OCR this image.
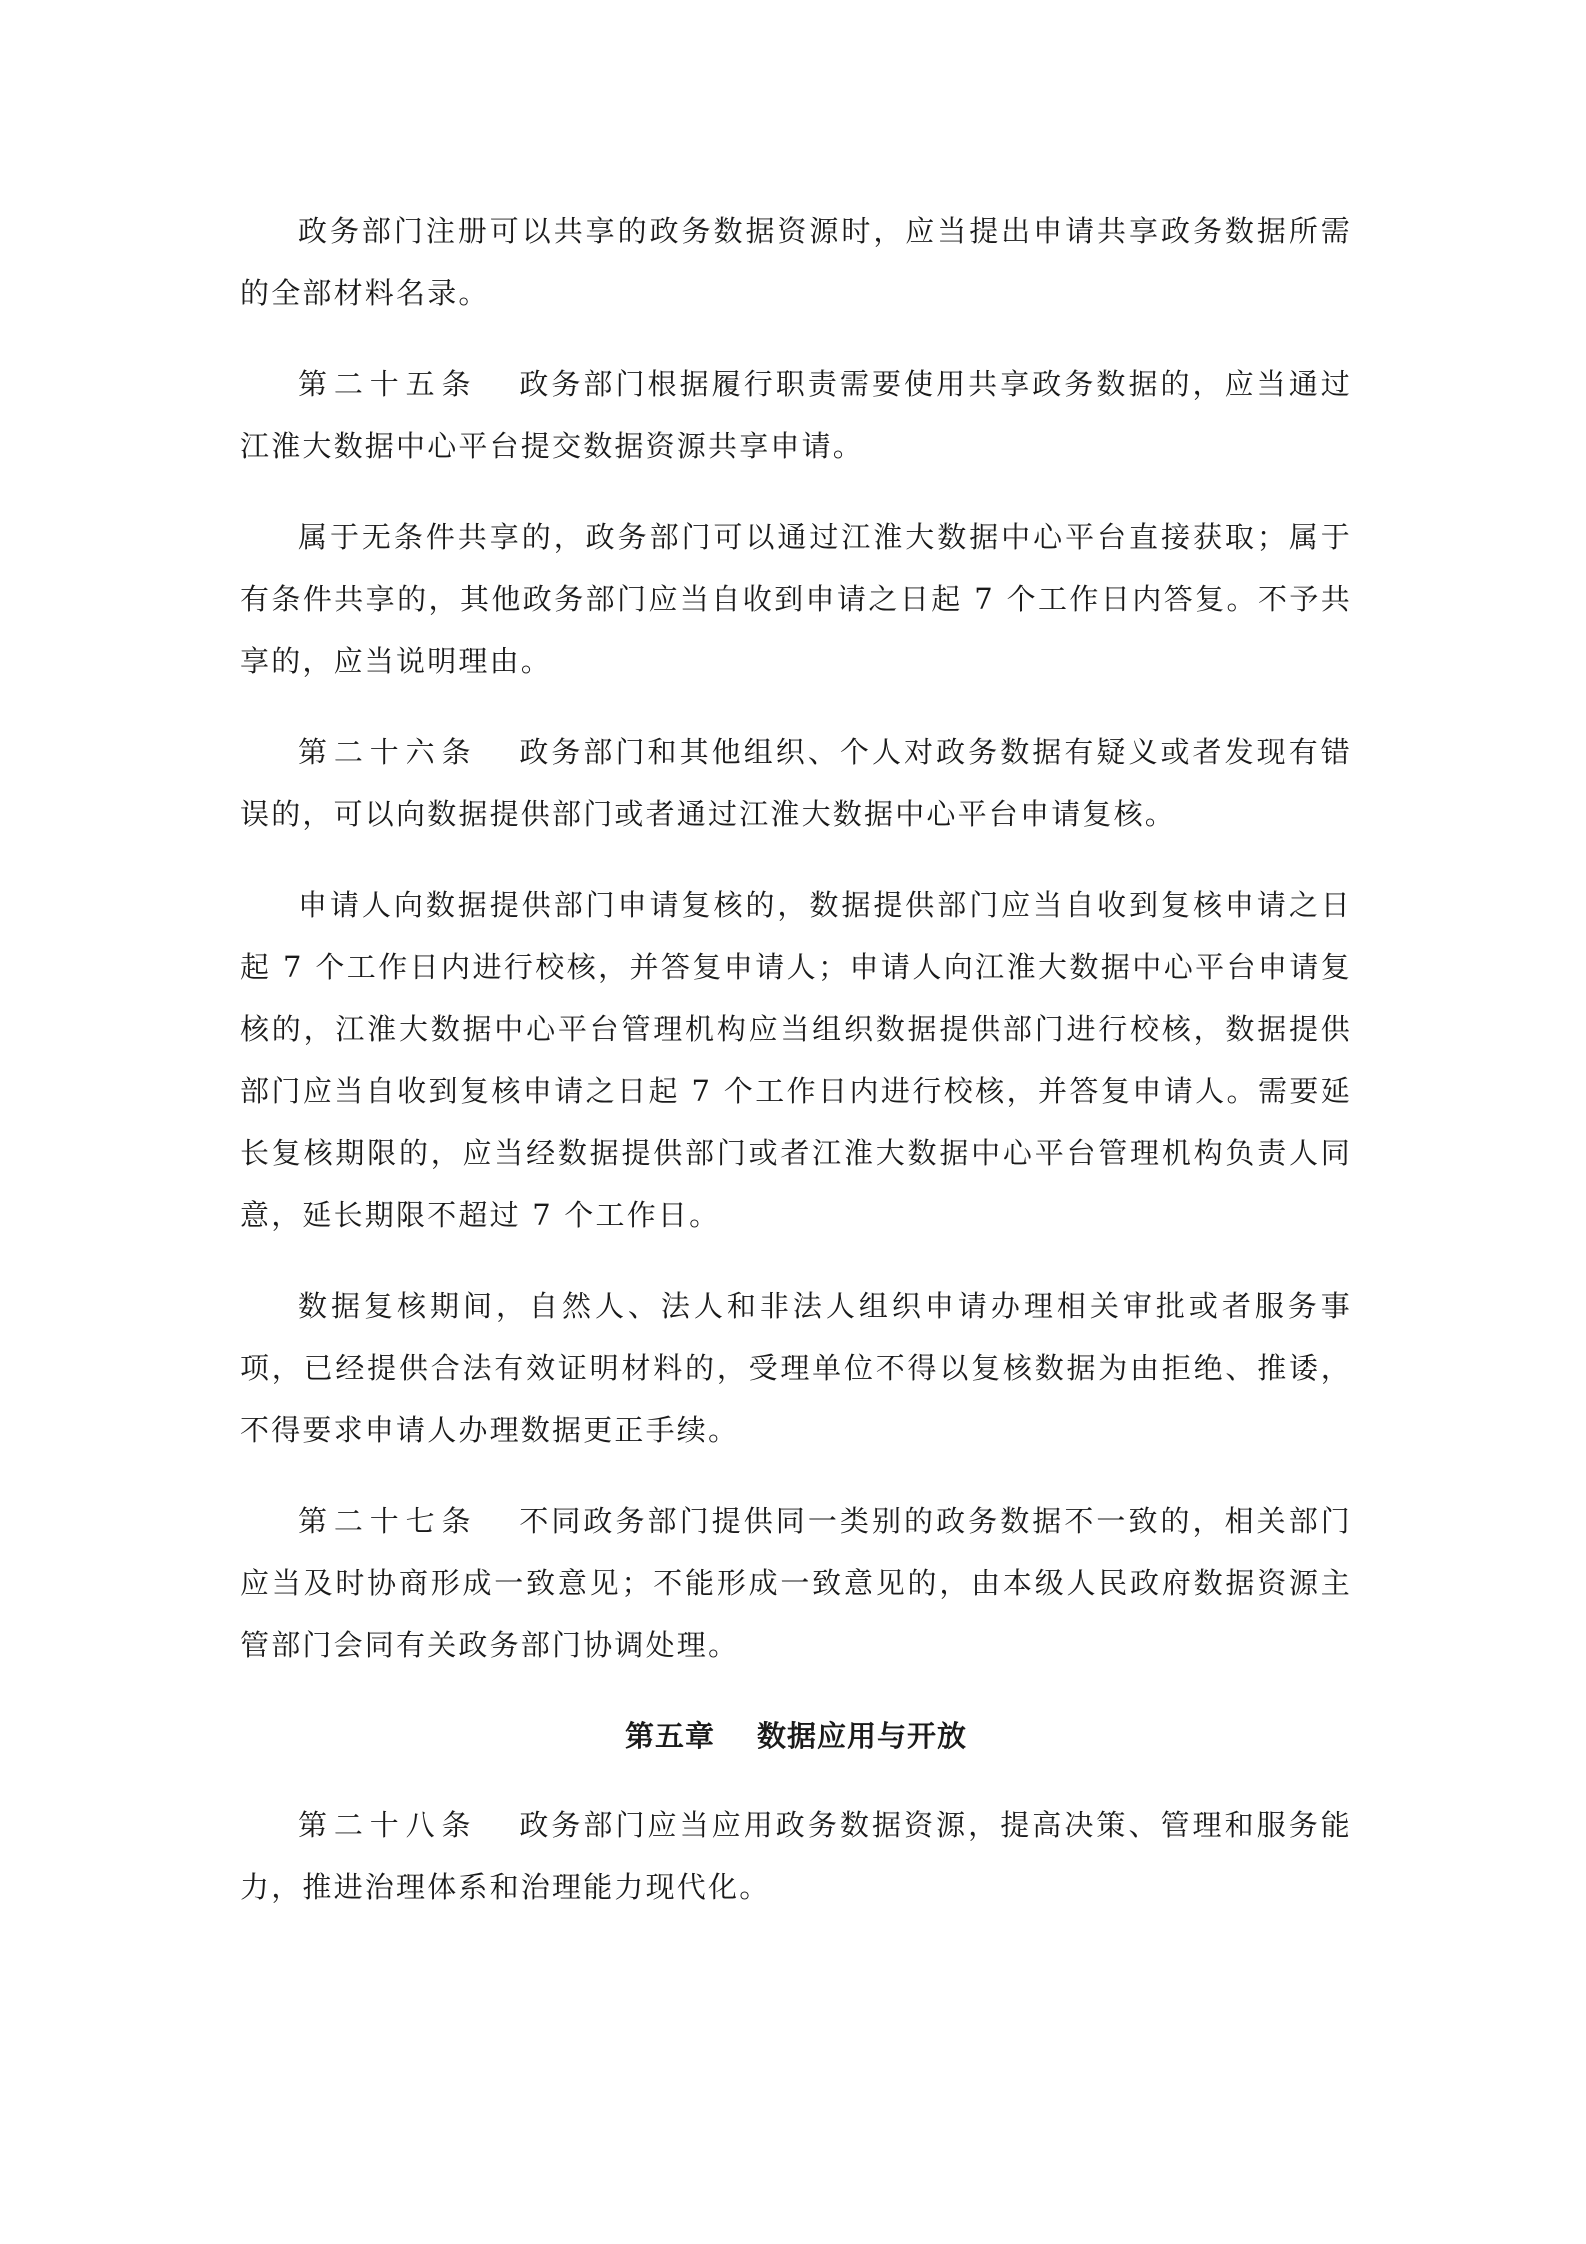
政务部门注册可以共享的政务数据资源时，应当提出申请共享政务数据所需的全部材料名录。

第二十五条 政务部门根据履行职责需要使用共享政务数据的，应当通过江淮大数据中心平台提交数据资源共享申请。

属于无条件共享的，政务部门可以通过江淮大数据中心平台直接获取；属于有条件共享的，其他政务部门应当自收到申请之日起 7 个工作日内答复。不予共享的，应当说明理由。

第二十六条 政务部门和其他组织、个人对政务数据有疑义或者发现有错误的，可以向数据提供部门或者通过江淮大数据中心平台申请复核。

申请人向数据提供部门申请复核的，数据提供部门应当自收到复核申请之日起 7 个工作日内进行校核，并答复申请人；申请人向江淮大数据中心平台申请复核的，江淮大数据中心平台管理机构应当组织数据提供部门进行校核，数据提供部门应当自收到复核申请之日起 7 个工作日内进行校核，并答复申请人。需要延长复核期限的，应当经数据提供部门或者江淮大数据中心平台管理机构负责人同意，延长期限不超过 7 个工作日。

数据复核期间，自然人、法人和非法人组织申请办理相关审批或者服务事项，已经提供合法有效证明材料的，受理单位不得以复核数据为由拒绝、推诿，不得要求申请人办理数据更正手续。

第二十七条 不同政务部门提供同一类别的政务数据不一致的，相关部门应当及时协商形成一致意见；不能形成一致意见的，由本级人民政府数据资源主管部门会同有关政务部门协调处理。

第五章 数据应用与开放

第二十八条 政务部门应当应用政务数据资源，提高决策、管理和服务能力，推进治理体系和治理能力现代化。
